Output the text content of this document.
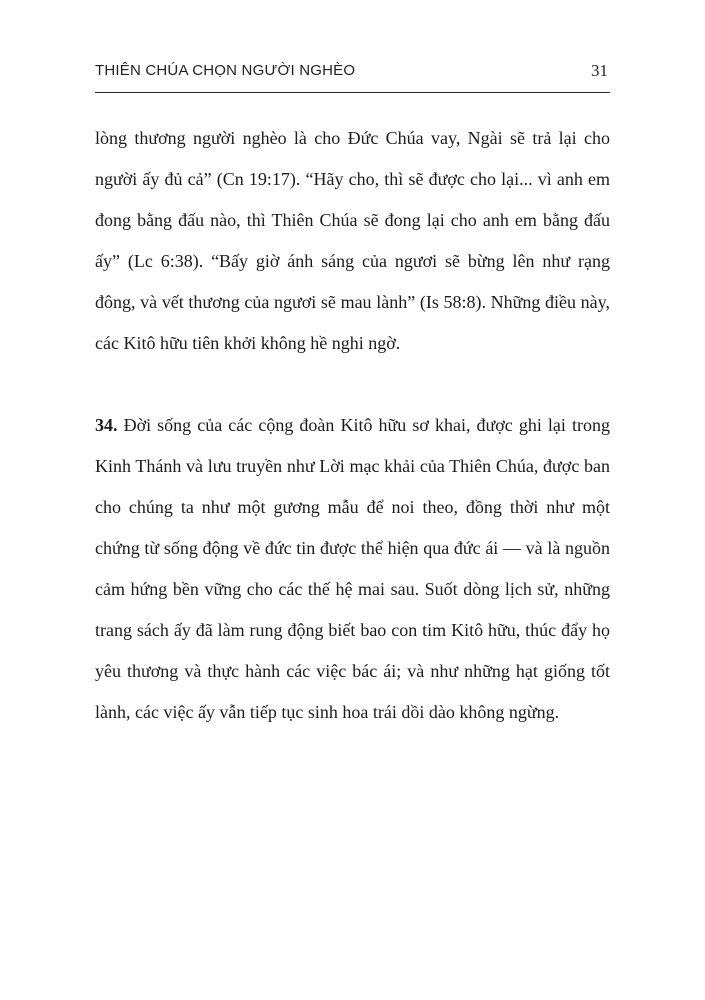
THIÊN CHÚA CHỌN NGƯỜI NGHÈO	31

lòng thương người nghèo là cho Đức Chúa vay, Ngài sẽ trả lại cho người ấy đủ cả” (Cn 19:17). “Hãy cho, thì sẽ được cho lại... vì anh em đong bằng đấu nào, thì Thiên Chúa sẽ đong lại cho anh em bằng đấu ấy” (Lc 6:38). “Bấy giờ ánh sáng của ngươi sẽ bừng lên như rạng đông, và vết thương của ngươi sẽ mau lành” (Is 58:8). Những điều này, các Kitô hữu tiên khởi không hề nghi ngờ.

34. Đời sống của các cộng đoàn Kitô hữu sơ khai, được ghi lại trong Kinh Thánh và lưu truyền như Lời mạc khải của Thiên Chúa, được ban cho chúng ta như một gương mẫu để noi theo, đồng thời như một chứng từ sống động về đức tin được thể hiện qua đức ái — và là nguồn cảm hứng bền vững cho các thế hệ mai sau. Suốt dòng lịch sử, những trang sách ấy đã làm rung động biết bao con tim Kitô hữu, thúc đẩy họ yêu thương và thực hành các việc bác ái; và như những hạt giống tốt lành, các việc ấy vẫn tiếp tục sinh hoa trái dồi dào không ngừng.
